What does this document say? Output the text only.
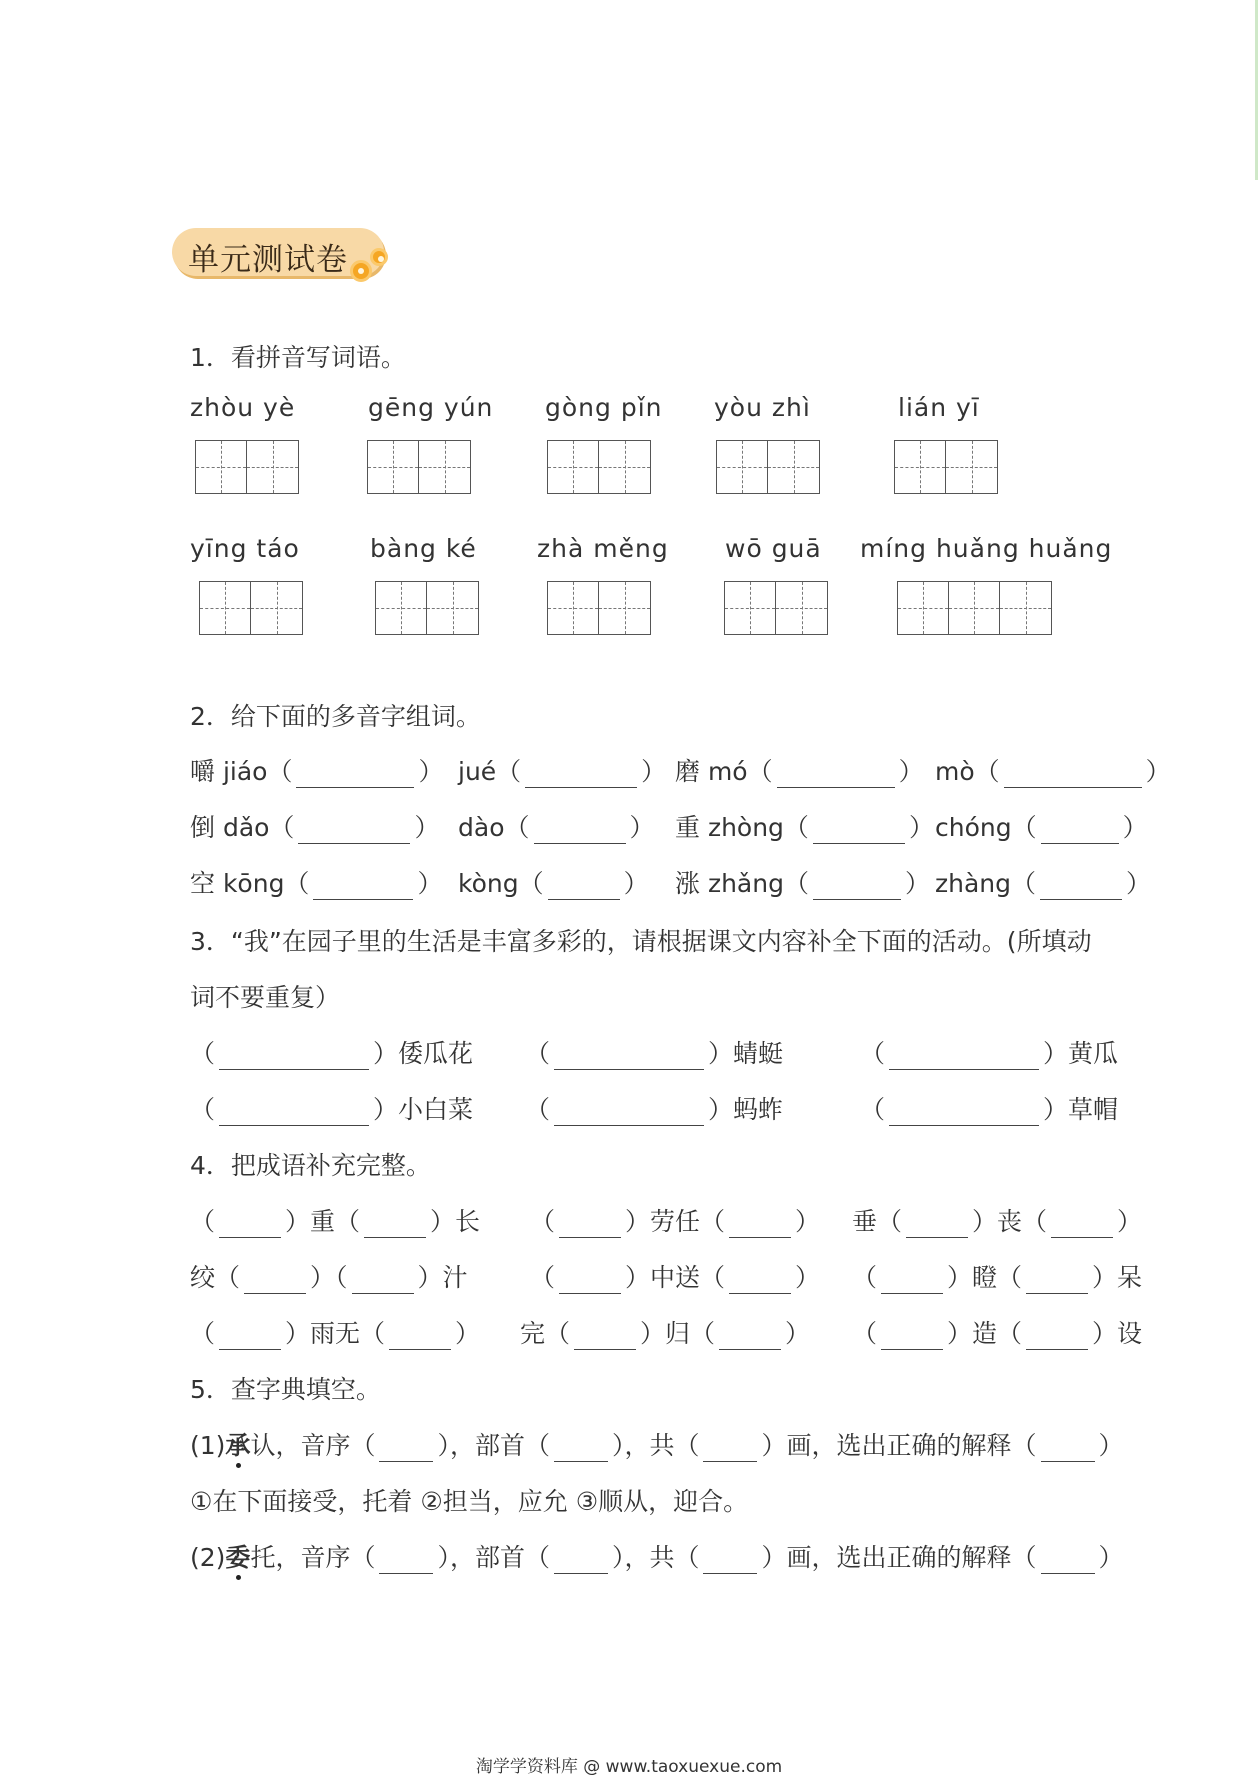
单元测试卷
1．看拼音写词语。
zhòu yè	gēng yún gòng pǐn yòu zhì	lián yī
yīng táo	bàng ké zhà měng wō guā míng huǎng huǎng
2．给下面的多音字组词。
嚼 jiáo（	） jué（	） 磨 mó（	） mò（	）
倒 dǎo（	） dào（	） 重 zhòng（	） chóng（	）
空 kōng（	） kòng（	） 涨 zhǎng（	） zhàng（	）
3．“我”在园子里的生活是丰富多彩的，请根据课文内容补全下面的活动。(所填动
词不要重复）
（	）倭瓜花 （	）蜻蜓	（	）黄瓜
（	）小白菜 （	）蚂蚱	（	）草帽
4．把成语补充完整。
（	）重（	）长 （	）劳任（	） 垂（	）丧（	）
绞（	）（	）汁 （	）中送（	） （	）瞪（	）呆
（	）雨无（	） 完（	）归（	） （	）造（	）设
5．查字典填空。
(1)承认，音序（ ），部首（ ），共（ ）画，选出正确的解释（ ）
①在下面接受，托着 ②担当，应允 ③顺从，迎合。
(2)委托，音序（ ），部首（ ），共（ ）画，选出正确的解释（ ）
淘学学资料库 @ www.taoxuexue.com
